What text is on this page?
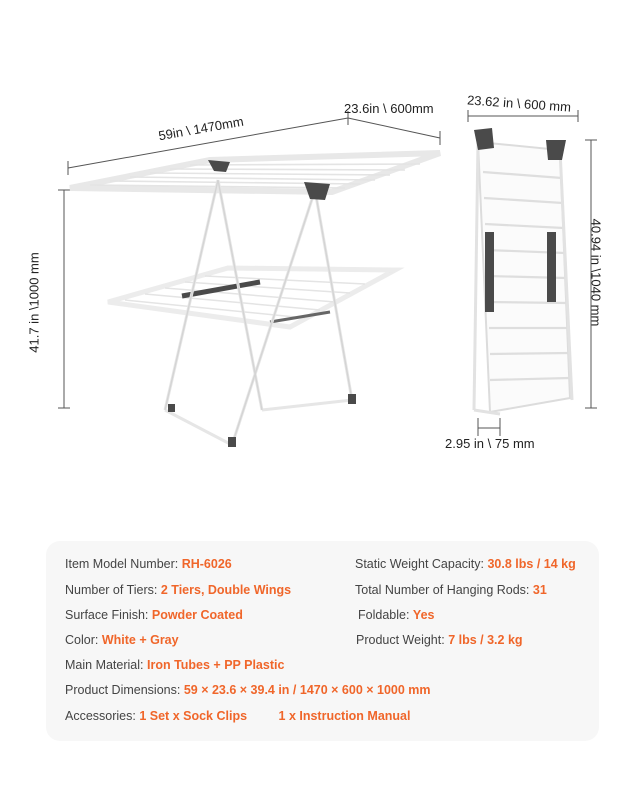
59in \ 1470mm
23.6in \ 600mm
41.7 in \1000 mm
23.62 in \ 600 mm
40.94 in \1040 mm
2.95 in \ 75 mm
Item Model Number: RH-6026
Number of Tiers: 2 Tiers, Double Wings
Surface Finish: Powder Coated
Color: White + Gray
Main Material: Iron Tubes + PP Plastic
Product Dimensions: 59 × 23.6 × 39.4 in / 1470 × 600 × 1000 mm
Accessories: 1 Set x Sock Clips	1 x Instruction Manual
Static Weight Capacity: 30.8 lbs / 14 kg
Total Number of Hanging Rods: 31
Foldable: Yes
Product Weight: 7 lbs / 3.2 kg
